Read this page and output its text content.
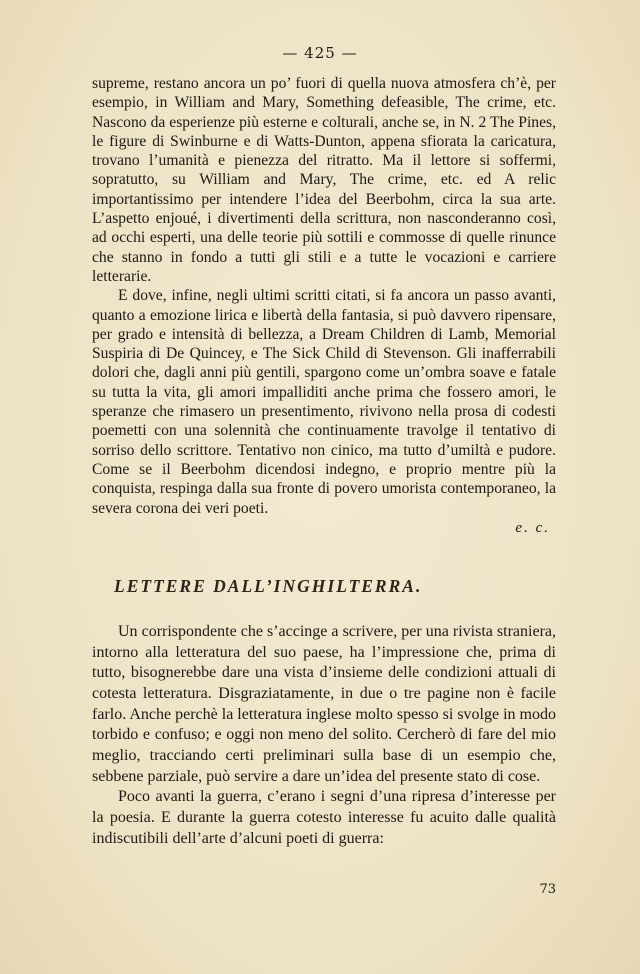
— 425 —

supreme, restano ancora un po’ fuori di quella nuova atmosfera ch’è, per esempio, in William and Mary, Something defeasible, The crime, etc. Nascono da esperienze più esterne e colturali, anche se, in N. 2 The Pines, le figure di Swinburne e di Watts-Dunton, appena sfiorata la caricatura, trovano l’umanità e pienezza del ritratto. Ma il lettore si soffermi, sopratutto, su William and Mary, The crime, etc. ed A relic importantissimo per intendere l’idea del Beerbohm, circa la sua arte. L’aspetto enjoué, i divertimenti della scrittura, non nasconderanno così, ad occhi esperti, una delle teorie più sottili e commosse di quelle rinunce che stanno in fondo a tutti gli stili e a tutte le vocazioni e carriere letterarie.

E dove, infine, negli ultimi scritti citati, si fa ancora un passo avanti, quanto a emozione lirica e libertà della fantasia, si può davvero ripensare, per grado e intensità di bellezza, a Dream Children di Lamb, Memorial Suspiria di De Quincey, e The Sick Child di Stevenson. Gli inafferrabili dolori che, dagli anni più gentili, spargono come un’ombra soave e fatale su tutta la vita, gli amori impalliditi anche prima che fossero amori, le speranze che rimasero un presentimento, rivivono nella prosa di codesti poemetti con una solennità che continuamente travolge il tentativo di sorriso dello scrittore. Tentativo non cinico, ma tutto d’umiltà e pudore. Come se il Beerbohm dicendosi indegno, e proprio mentre più la conquista, respinga dalla sua fronte di povero umorista contemporaneo, la severa corona dei veri poeti.

e. c.
LETTERE DALL’INGHILTERRA.

Un corrispondente che s’accinge a scrivere, per una rivista straniera, intorno alla letteratura del suo paese, ha l’impressione che, prima di tutto, bisognerebbe dare una vista d’insieme delle condizioni attuali di cotesta letteratura. Disgraziatamente, in due o tre pagine non è facile farlo. Anche perchè la letteratura inglese molto spesso si svolge in modo torbido e confuso; e oggi non meno del solito. Cercherò di fare del mio meglio, tracciando certi preliminari sulla base di un esempio che, sebbene parziale, può servire a dare un’idea del presente stato di cose.

Poco avanti la guerra, c’erano i segni d’una ripresa d’interesse per la poesia. E durante la guerra cotesto interesse fu acuito dalle qualità indiscutibili dell’arte d’alcuni poeti di guerra:

73
